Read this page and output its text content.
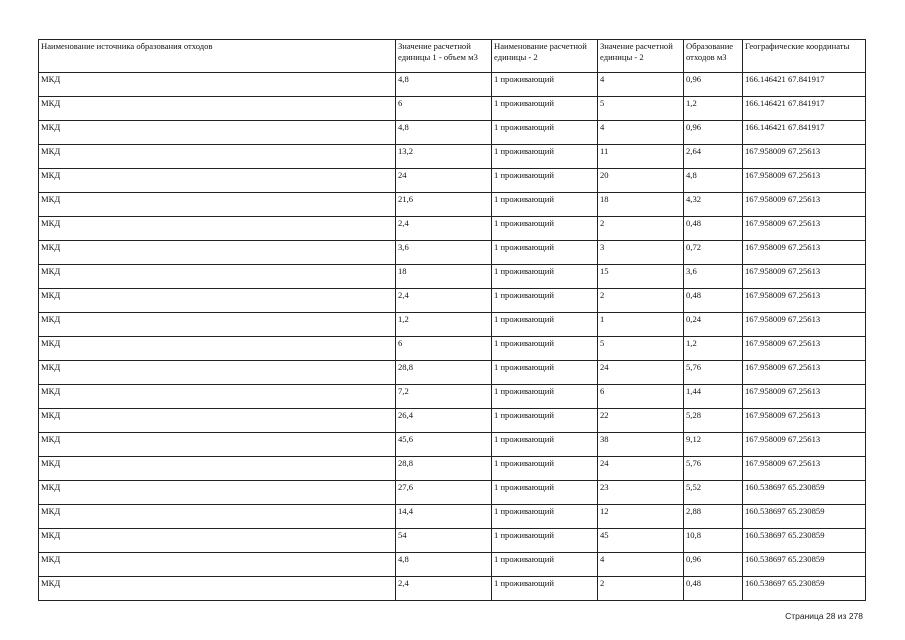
Наименование источника образования отходов	Значение расчетной единицы 1 - объем м3	Наименование расчетной единицы - 2	Значение расчетной единицы - 2	Образование отходов м3	Географические координаты
МКД	4,8	1 проживающий	4	0,96	166.146421 67.841917
МКД	6	1 проживающий	5	1,2	166.146421 67.841917
МКД	4,8	1 проживающий	4	0,96	166.146421 67.841917
МКД	13,2	1 проживающий	11	2,64	167.958009 67.25613
МКД	24	1 проживающий	20	4,8	167.958009 67.25613
МКД	21,6	1 проживающий	18	4,32	167.958009 67.25613
МКД	2,4	1 проживающий	2	0,48	167.958009 67.25613
МКД	3,6	1 проживающий	3	0,72	167.958009 67.25613
МКД	18	1 проживающий	15	3,6	167.958009 67.25613
МКД	2,4	1 проживающий	2	0,48	167.958009 67.25613
МКД	1,2	1 проживающий	1	0,24	167.958009 67.25613
МКД	6	1 проживающий	5	1,2	167.958009 67.25613
МКД	28,8	1 проживающий	24	5,76	167.958009 67.25613
МКД	7,2	1 проживающий	6	1,44	167.958009 67.25613
МКД	26,4	1 проживающий	22	5,28	167.958009 67.25613
МКД	45,6	1 проживающий	38	9,12	167.958009 67.25613
МКД	28,8	1 проживающий	24	5,76	167.958009 67.25613
МКД	27,6	1 проживающий	23	5,52	160.538697 65.230859
МКД	14,4	1 проживающий	12	2,88	160.538697 65.230859
МКД	54	1 проживающий	45	10,8	160.538697 65.230859
МКД	4,8	1 проживающий	4	0,96	160.538697 65.230859
МКД	2,4	1 проживающий	2	0,48	160.538697 65.230859
Страница 28 из 278
